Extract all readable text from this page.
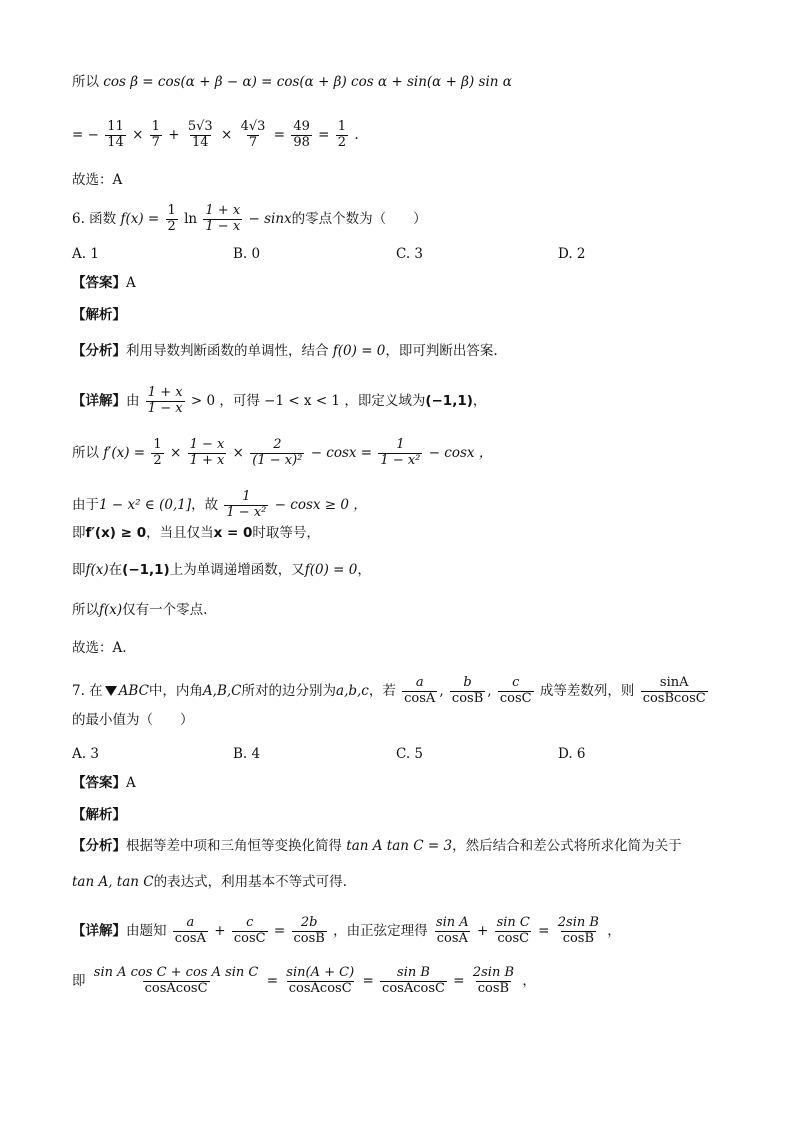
所以 cos β = cos(α + β − α) = cos(α + β) cos α + sin(α + β) sin α
= − $\frac{11}{14} \times \frac{1}{7} + \frac{5√3}{14} \times \frac{4√3}{7} = \frac{49}{98} = \frac{1}{2}$ .
故选：A
6. 函数 $f(x) = \frac{1}{2}$ $\ln \frac{1 + x}{1 - x} - \sin x$的零点个数为（　　）
A. 1	B. 0	C. 3	D. 2
【答案】A
【解析】
【分析】利用导数判断函数的单调性，结合 f(0) = 0，即可判断出答案.
【详解】由 $\frac{1 + x}{1 - x} > 0$ ，可得 −1 < x < 1 ，即定义域为(−1,1)，
所以 $f'(x) = \frac{1}{2} \times \frac{1 - x}{1 + x} \times \frac{2}{\text{(1 − x)²}} - \cos x = \frac{1}{\text{1 − x²}} - \cos x$ ，
由于1 − x² ∈ (0,1]，故 $\frac{1}{\text{1 − x²}} - \cos x \ge 0$ ，
即f′(x) ≥ 0，当且仅当x = 0时取等号，
即f(x)在(−1,1)上为单调递增函数，又f(0) = 0，
所以f(x)仅有一个零点.
故选：A.
7. 在 ABC中，内角A,B,C所对的边分别为a,b,c，若 $\frac{a}{\cos A}$ , $\frac{b}{\cos B}$ , $\frac{c}{\cos C}$ 成等差数列，则 $\frac{\sin A}{\text{cosBcosC}}$
的最小值为（　　）
A. 3	B. 4	C. 5	D. 6
【答案】A
【解析】
【分析】根据等差中项和三角恒等变换化简得 tan A tan C = 3，然后结合和差公式将所求化简为关于
tan A, tan C的表达式，利用基本不等式可得.
【详解】由题知 $\frac{a}{\cos A} + \frac{c}{\cos C} = \frac{2b}{\cos B}$ ，由正弦定理得 $\frac{\text{sin A}}{\cos A} + \frac{\text{sin C}}{\cos C} = \frac{\text{2sin B}}{\cos B}$ ，
即 $\frac{\text{sin A cos C + cos A sin C}}{\text{cosAcosC}} = \frac{\sin(A + C)}{\text{cosAcosC}} = \frac{\text{sin B}}{\text{cosAcosC}} = \frac{\text{2sin B}}{\cos B}$ ，
